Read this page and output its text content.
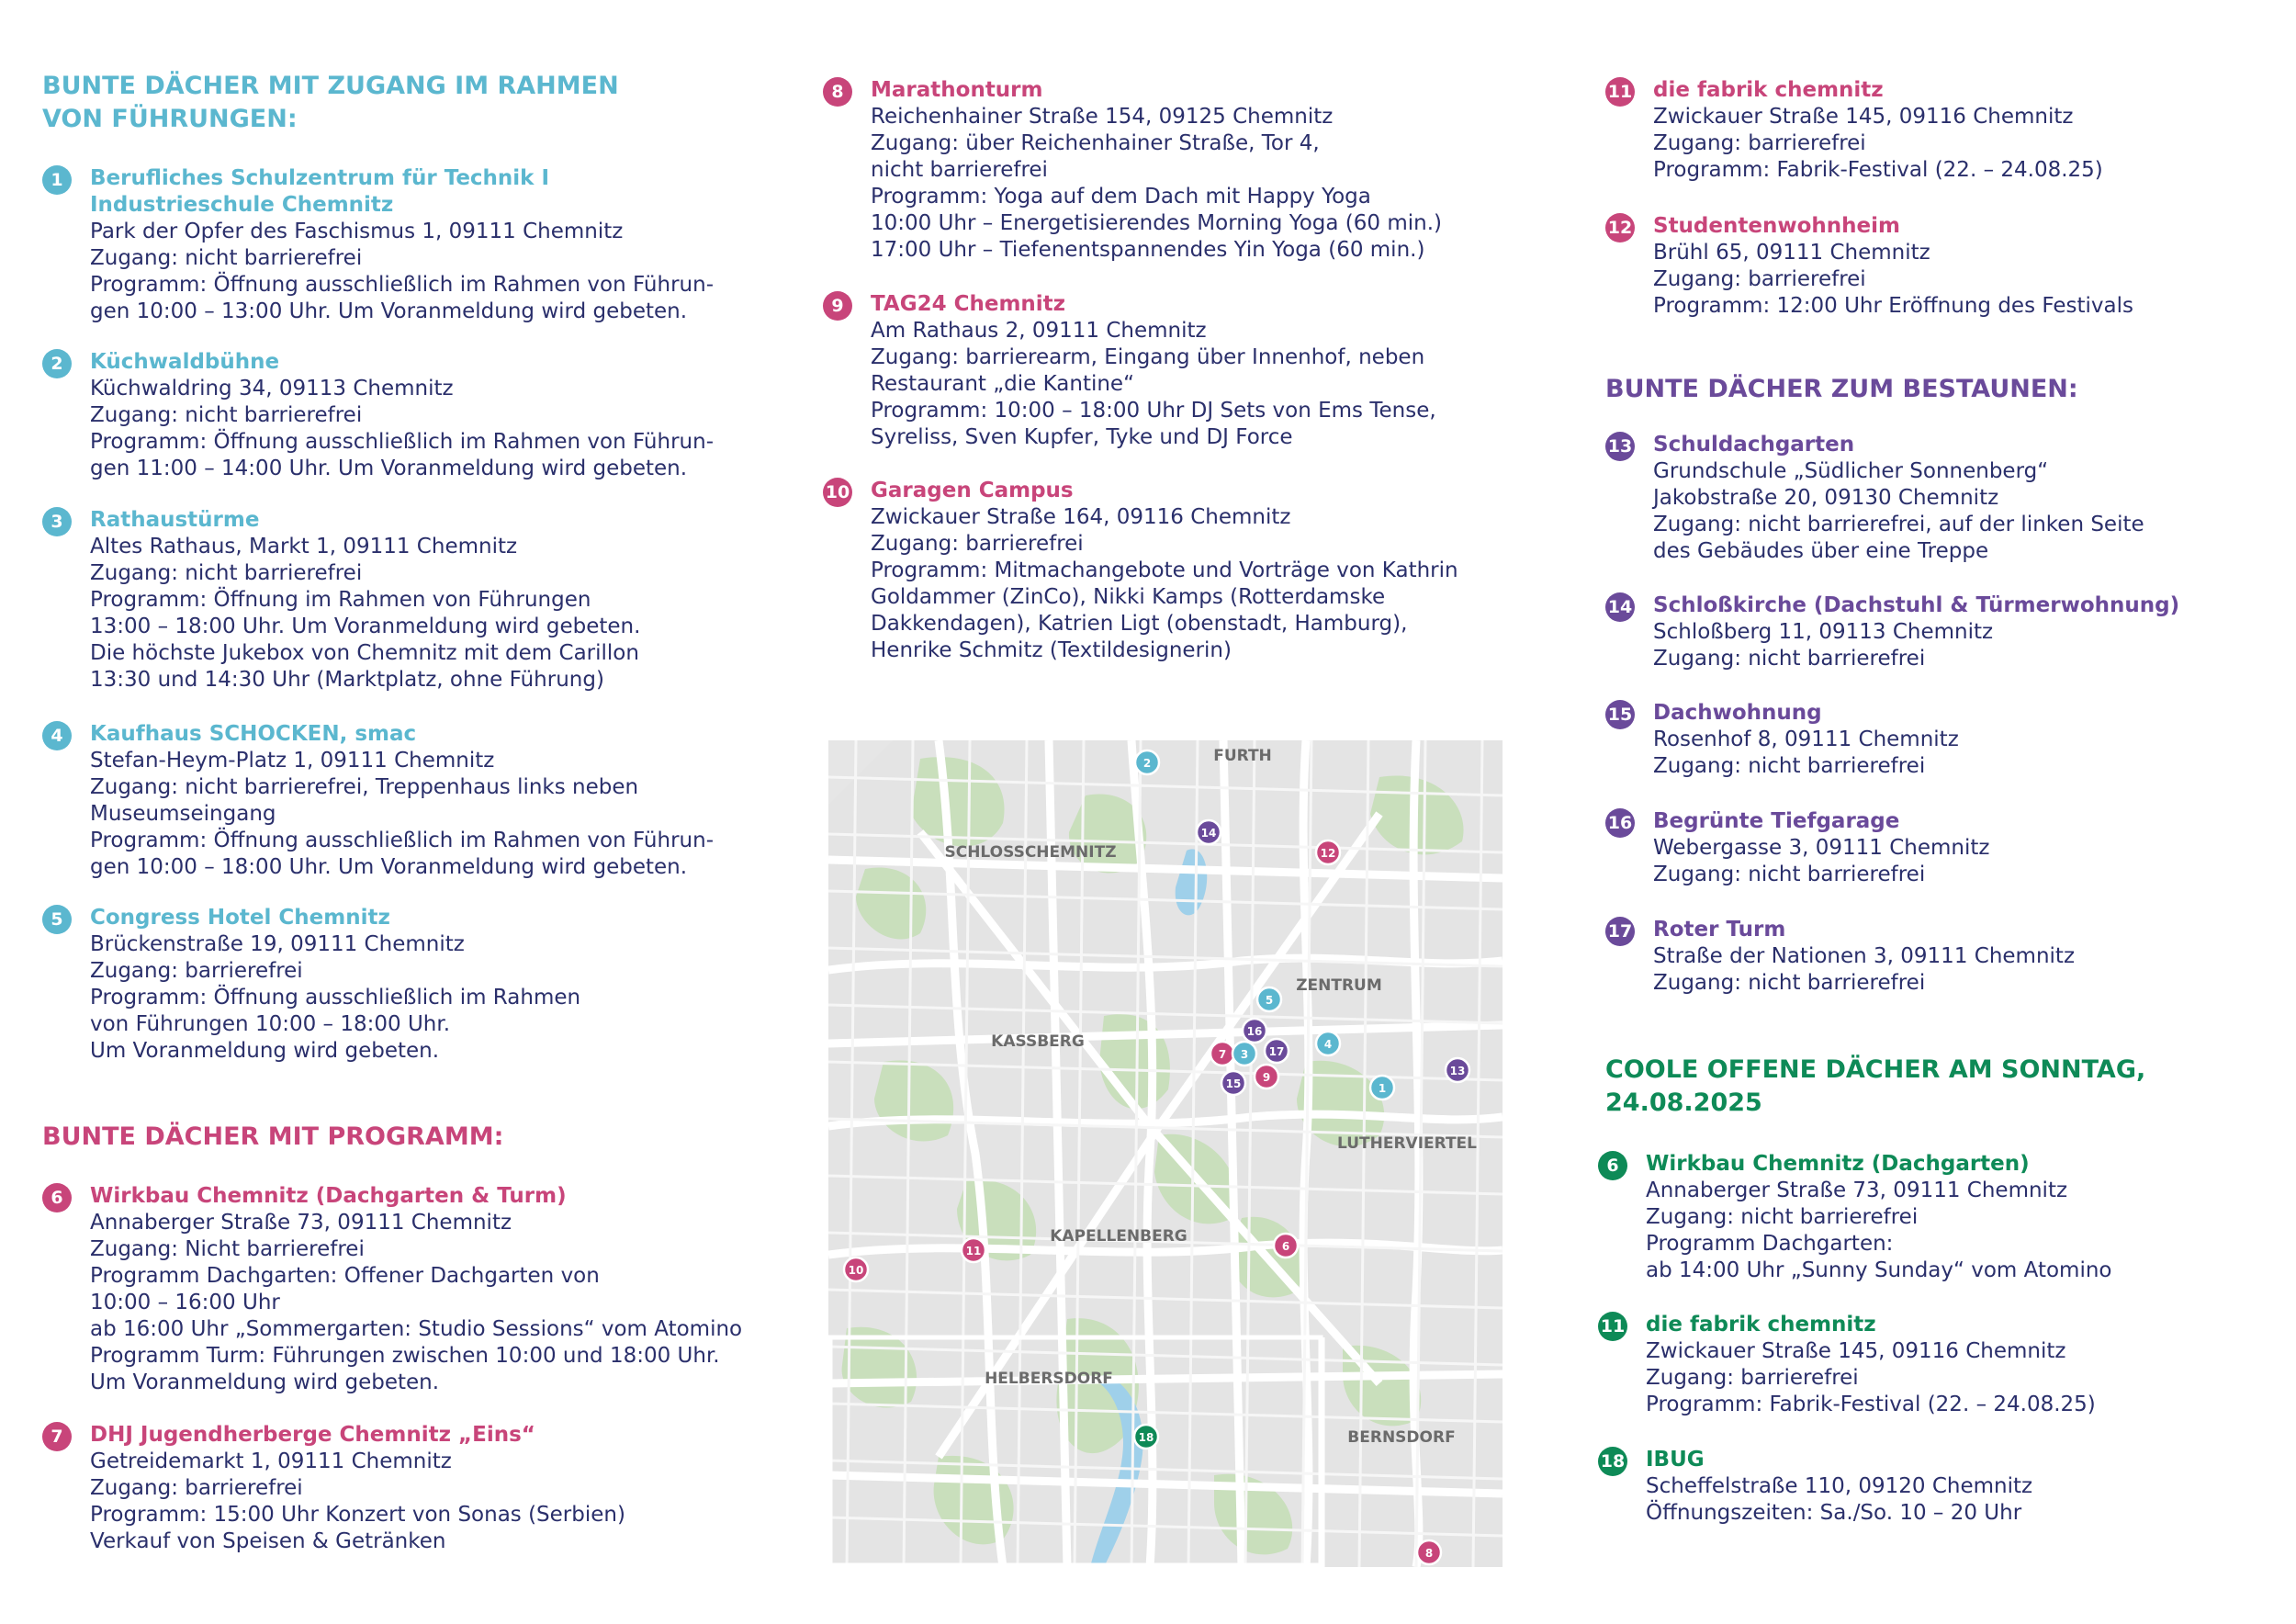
BUNTE DÄCHER MIT ZUGANG IM RAHMEN
VON FÜHRUNGEN:
1	Berufliches Schulzentrum für Technik I
Industrieschule Chemnitz
Park der Opfer des Faschismus 1, 09111 Chemnitz
Zugang: nicht barrierefrei
Programm: Öffnung ausschließlich im Rahmen von Führun-
gen 10:00 – 13:00 Uhr. Um Voranmeldung wird gebeten.
2	Küchwaldbühne
Küchwaldring 34, 09113 Chemnitz
Zugang: nicht barrierefrei
Programm: Öffnung ausschließlich im Rahmen von Führun-
gen 11:00 – 14:00 Uhr. Um Voranmeldung wird gebeten.
3	Rathaustürme
Altes Rathaus, Markt 1, 09111 Chemnitz
Zugang: nicht barrierefrei
Programm: Öffnung im Rahmen von Führungen
13:00 – 18:00 Uhr. Um Voranmeldung wird gebeten.
Die höchste Jukebox von Chemnitz mit dem Carillon
13:30 und 14:30 Uhr (Marktplatz, ohne Führung)
4	Kaufhaus SCHOCKEN, smac
Stefan-Heym-Platz 1, 09111 Chemnitz
Zugang: nicht barrierefrei, Treppenhaus links neben
Museumseingang
Programm: Öffnung ausschließlich im Rahmen von Führun-
gen 10:00 – 18:00 Uhr. Um Voranmeldung wird gebeten.
5	Congress Hotel Chemnitz
Brückenstraße 19, 09111 Chemnitz
Zugang: barrierefrei
Programm: Öffnung ausschließlich im Rahmen
von Führungen 10:00 – 18:00 Uhr.
Um Voranmeldung wird gebeten.
BUNTE DÄCHER MIT PROGRAMM:
6	Wirkbau Chemnitz (Dachgarten & Turm)
Annaberger Straße 73, 09111 Chemnitz
Zugang: Nicht barrierefrei
Programm Dachgarten: Offener Dachgarten von
10:00 – 16:00 Uhr
ab 16:00 Uhr „Sommergarten: Studio Sessions“ vom Atomino
Programm Turm: Führungen zwischen 10:00 und 18:00 Uhr.
Um Voranmeldung wird gebeten.
7	DHJ Jugendherberge Chemnitz „Eins“
Getreidemarkt 1, 09111 Chemnitz
Zugang: barrierefrei
Programm: 15:00 Uhr Konzert von Sonas (Serbien)
Verkauf von Speisen & Getränken
8	Marathonturm
Reichenhainer Straße 154, 09125 Chemnitz
Zugang: über Reichenhainer Straße, Tor 4,
nicht barrierefrei
Programm: Yoga auf dem Dach mit Happy Yoga
10:00 Uhr – Energetisierendes Morning Yoga (60 min.)
17:00 Uhr – Tiefenentspannendes Yin Yoga (60 min.)
9	TAG24 Chemnitz
Am Rathaus 2, 09111 Chemnitz
Zugang: barrierearm, Eingang über Innenhof, neben
Restaurant „die Kantine“
Programm: 10:00 – 18:00 Uhr DJ Sets von Ems Tense,
Syreliss, Sven Kupfer, Tyke und DJ Force
10 Garagen Campus
Zwickauer Straße 164, 09116 Chemnitz
Zugang: barrierefrei
Programm: Mitmachangebote und Vorträge von Kathrin
Goldammer (ZinCo), Nikki Kamps (Rotterdamske
Dakkendagen), Katrien Ligt (obenstadt, Hamburg),
Henrike Schmitz (Textildesignerin)
FURTH
SCHLOSSCHEMNITZ
ZENTRUM
KASSBERG
LUTHERVIERTEL
KAPELLENBERG
HELBERSDORF
BERNSDORF
2
14
12
5
16
7 3 17
4
15 9
1
13
11	6
10
18
8
11 die fabrik chemnitz
Zwickauer Straße 145, 09116 Chemnitz
Zugang: barrierefrei
Programm: Fabrik-Festival (22. – 24.08.25)
12 Studentenwohnheim
Brühl 65, 09111 Chemnitz
Zugang: barrierefrei
Programm: 12:00 Uhr Eröffnung des Festivals
BUNTE DÄCHER ZUM BESTAUNEN:
13 Schuldachgarten
Grundschule „Südlicher Sonnenberg“
Jakobstraße 20, 09130 Chemnitz
Zugang: nicht barrierefrei, auf der linken Seite
des Gebäudes über eine Treppe
14 Schloßkirche (Dachstuhl & Türmerwohnung)
Schloßberg 11, 09113 Chemnitz
Zugang: nicht barrierefrei
15 Dachwohnung
Rosenhof 8, 09111 Chemnitz
Zugang: nicht barrierefrei
16 Begrünte Tiefgarage
Webergasse 3, 09111 Chemnitz
Zugang: nicht barrierefrei
17 Roter Turm
Straße der Nationen 3, 09111 Chemnitz
Zugang: nicht barrierefrei
COOLE OFFENE DÄCHER AM SONNTAG,
24.08.2025
6	Wirkbau Chemnitz (Dachgarten)
Annaberger Straße 73, 09111 Chemnitz
Zugang: nicht barrierefrei
Programm Dachgarten:
ab 14:00 Uhr „Sunny Sunday“ vom Atomino
11 die fabrik chemnitz
Zwickauer Straße 145, 09116 Chemnitz
Zugang: barrierefrei
Programm: Fabrik-Festival (22. – 24.08.25)
18 IBUG
Scheffelstraße 110, 09120 Chemnitz
Öffnungszeiten: Sa./So. 10 – 20 Uhr
